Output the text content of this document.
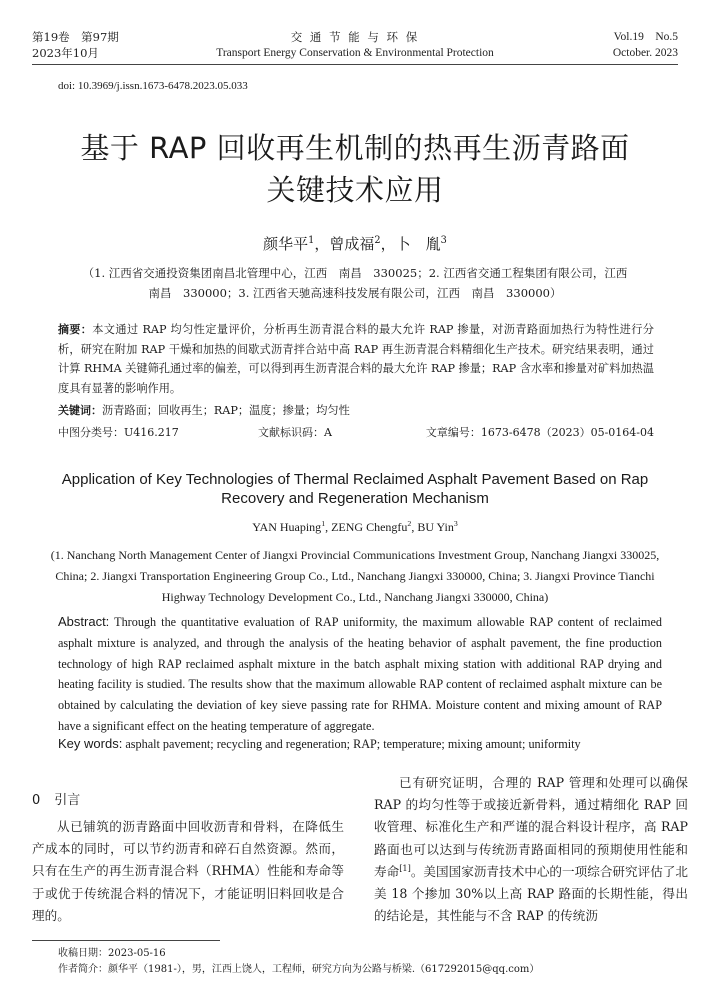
第19卷　第97期
2023年10月
交 通 节 能 与 环 保
Transport Energy Conservation & Environmental Protection
Vol.19　No.5
October. 2023
doi: 10.3969/j.issn.1673-6478.2023.05.033
基于 RAP 回收再生机制的热再生沥青路面
关键技术应用
颜华平$^1$，曾成福$^2$，卜　胤$^3$
（1. 江西省交通投资集团南昌北管理中心，江西　南昌　330025；2. 江西省交通工程集团有限公司，江西　南昌　330000；3. 江西省天驰高速科技发展有限公司，江西　南昌　330000）
摘要：本文通过 RAP 均匀性定量评价，分析再生沥青混合料的最大允许 RAP 掺量，对沥青路面加热行为特性进行分析，研究在附加 RAP 干燥和加热的间歇式沥青拌合站中高 RAP 再生沥青混合料精细化生产技术。研究结果表明，通过计算 RHMA 关键筛孔通过率的偏差，可以得到再生沥青混合料的最大允许 RAP 掺量；RAP 含水率和掺量对矿料加热温度具有显著的影响作用。
关键词：沥青路面；回收再生；RAP；温度；掺量；均匀性
中图分类号：U416.217	文献标识码：A	文章编号：1673-6478（2023）05-0164-04
Application of Key Technologies of Thermal Reclaimed Asphalt Pavement Based on Rap Recovery and Regeneration Mechanism
YAN Huaping$^1$, ZENG Chengfu$^2$, BU Yin$^3$
(1. Nanchang North Management Center of Jiangxi Provincial Communications Investment Group, Nanchang Jiangxi 330025, China; 2. Jiangxi Transportation Engineering Group Co., Ltd., Nanchang Jiangxi 330000, China; 3. Jiangxi Province Tianchi Highway Technology Development Co., Ltd., Nanchang Jiangxi 330000, China)
Abstract: Through the quantitative evaluation of RAP uniformity, the maximum allowable RAP content of reclaimed asphalt mixture is analyzed, and through the analysis of the heating behavior of asphalt pavement, the fine production technology of high RAP reclaimed asphalt mixture in the batch asphalt mixing station with additional RAP drying and heating facility is studied. The results show that the maximum allowable RAP content of reclaimed asphalt mixture can be obtained by calculating the deviation of key sieve passing rate for RHMA. Moisture content and mixing amount of RAP have a significant effect on the heating temperature of aggregate.
Key words: asphalt pavement; recycling and regeneration; RAP; temperature; mixing amount; uniformity
0 引言
从已铺筑的沥青路面中回收沥青和骨料，在降低生产成本的同时，可以节约沥青和碎石自然资源。然而，只有在生产的再生沥青混合料（RHMA）性能和寿命等于或优于传统混合料的情况下，才能证明旧料回收是合理的。
已有研究证明，合理的 RAP 管理和处理可以确保 RAP 的均匀性等于或接近新骨料，通过精细化 RAP 回收管理、标准化生产和严谨的混合料设计程序，高 RAP 路面也可以达到与传统沥青路面相同的预期使用性能和寿命[1]。美国国家沥青技术中心的一项综合研究评估了北美 18 个掺加 30%以上高 RAP 路面的长期性能，得出的结论是，其性能与不含 RAP 的传统沥
收稿日期：2023-05-16
作者简介：颜华平（1981-），男，江西上饶人，工程师，研究方向为公路与桥梁.（617292015@qq.com）
